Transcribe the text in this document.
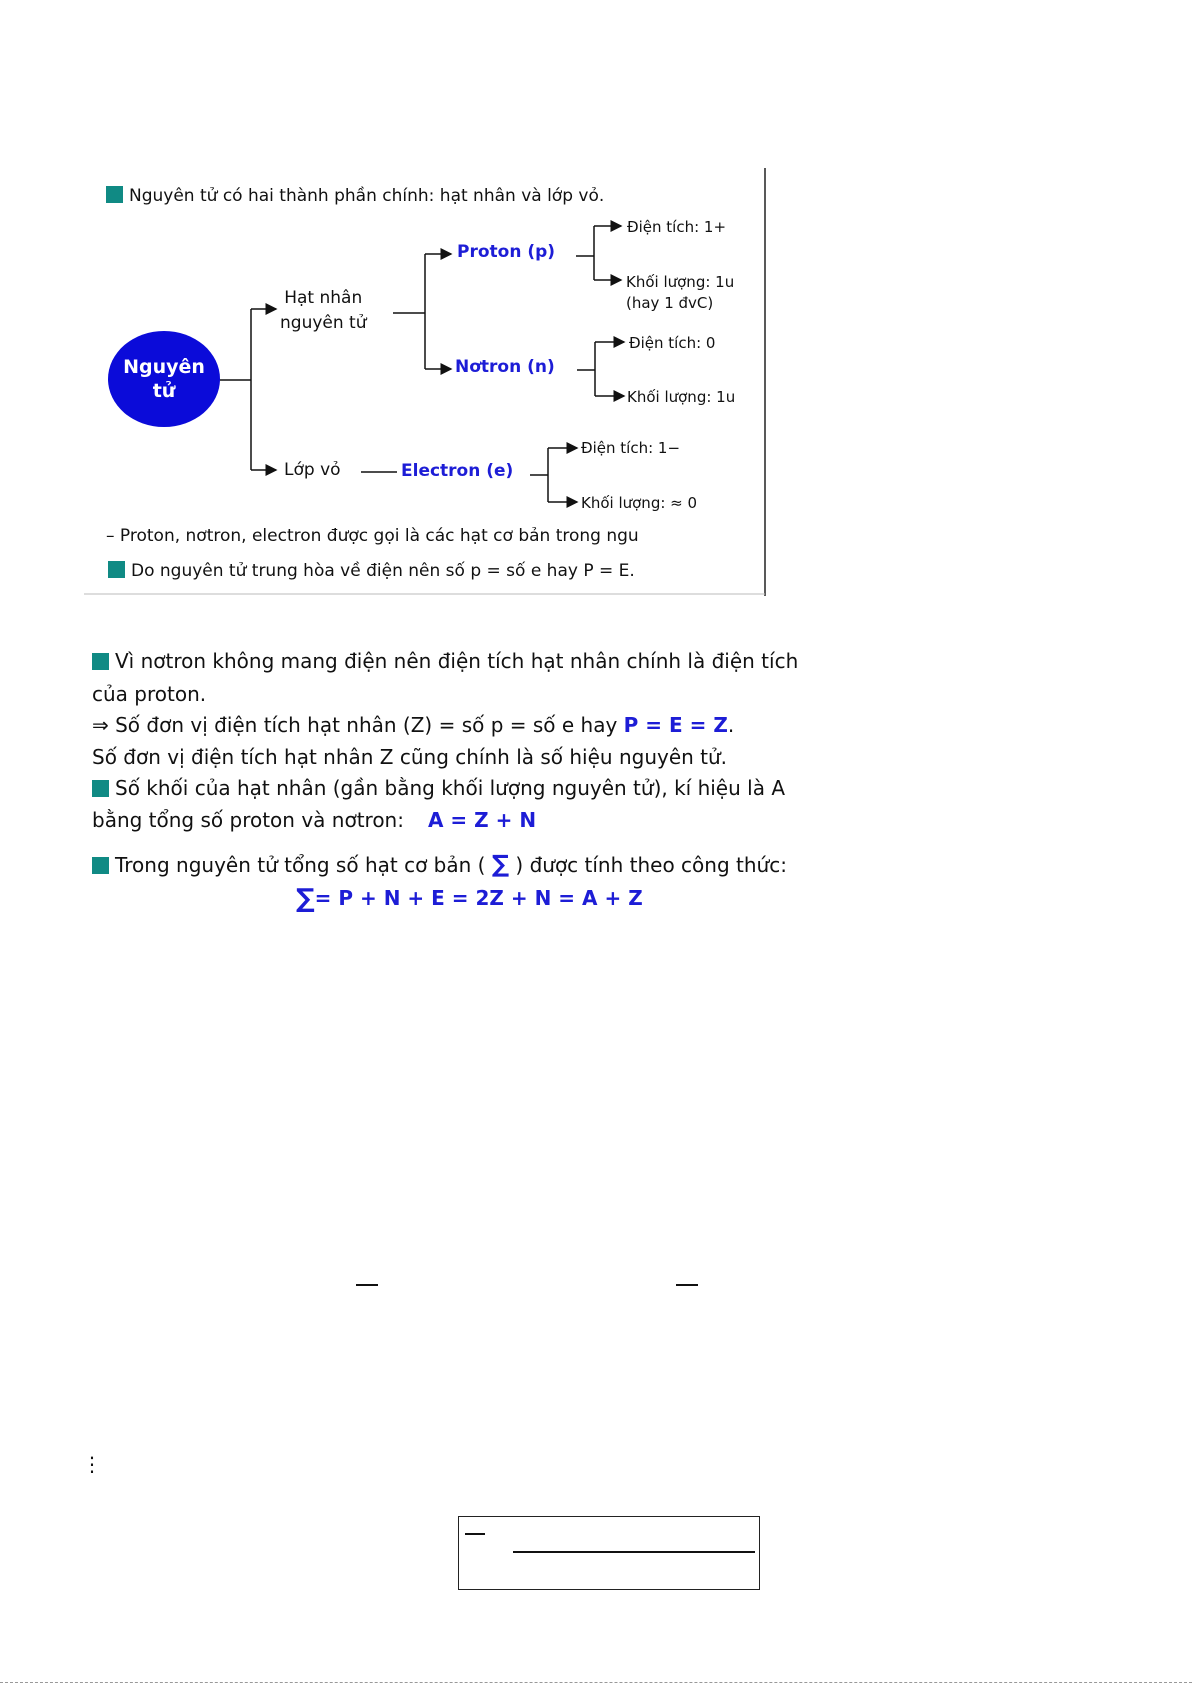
Nguyên tử có hai thành phần chính: hạt nhân và lớp vỏ.
Nguyên
tử
Hạt nhân
nguyên tử
Lớp vỏ
Proton (p)
Nơtron (n)
Electron (e)
Điện tích: 1+
Khối lượng: 1u
(hay 1 đvC)
Điện tích: 0
Khối lượng: 1u
Điện tích: 1−
Khối lượng: ≈ 0
– Proton, nơtron, electron được gọi là các hạt cơ bản trong ngu
Do nguyên tử trung hòa về điện nên số p = số e hay P = E.
Vì nơtron không mang điện nên điện tích hạt nhân chính là điện tích
của proton.
⇒ Số đơn vị điện tích hạt nhân (Z) = số p = số e hay P = E = Z.
Số đơn vị điện tích hạt nhân Z cũng chính là số hiệu nguyên tử.
Số khối của hạt nhân (gần bằng khối lượng nguyên tử), kí hiệu là A
bằng tổng số proton và nơtron: A = Z + N
Trong nguyên tử tổng số hạt cơ bản ( ∑ ) được tính theo công thức:
∑= P + N + E = 2Z + N = A + Z
⋮
